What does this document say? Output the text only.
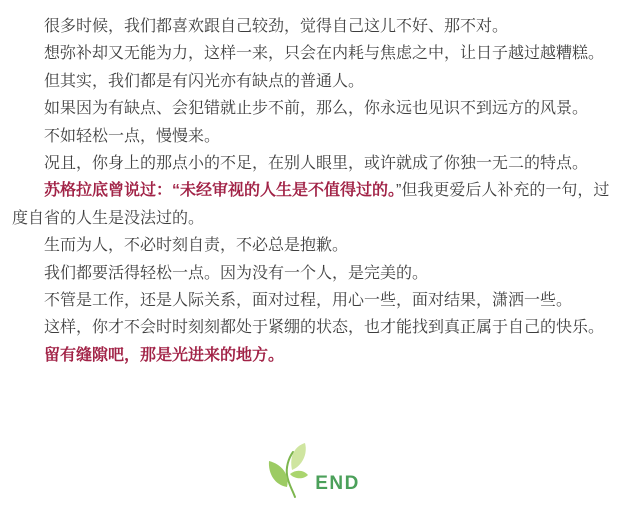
很多时候，我们都喜欢跟自己较劲，觉得自己这儿不好、那不对。

想弥补却又无能为力，这样一来，只会在内耗与焦虑之中，让日子越过越糟糕。

但其实，我们都是有闪光亦有缺点的普通人。

如果因为有缺点、会犯错就止步不前，那么，你永远也见识不到远方的风景。

不如轻松一点，慢慢来。

况且，你身上的那点小的不足，在别人眼里，或许就成了你独一无二的特点。

苏格拉底曾说过：“未经审视的人生是不值得过的。”但我更爱后人补充的一句，过度自省的人生是没法过的。

生而为人，不必时刻自责，不必总是抱歉。

我们都要活得轻松一点。因为没有一个人，是完美的。

不管是工作，还是人际关系，面对过程，用心一些，面对结果，潇洒一些。

这样，你才不会时时刻刻都处于紧绷的状态，也才能找到真正属于自己的快乐。

留有缝隙吧，那是光进来的地方。

END
